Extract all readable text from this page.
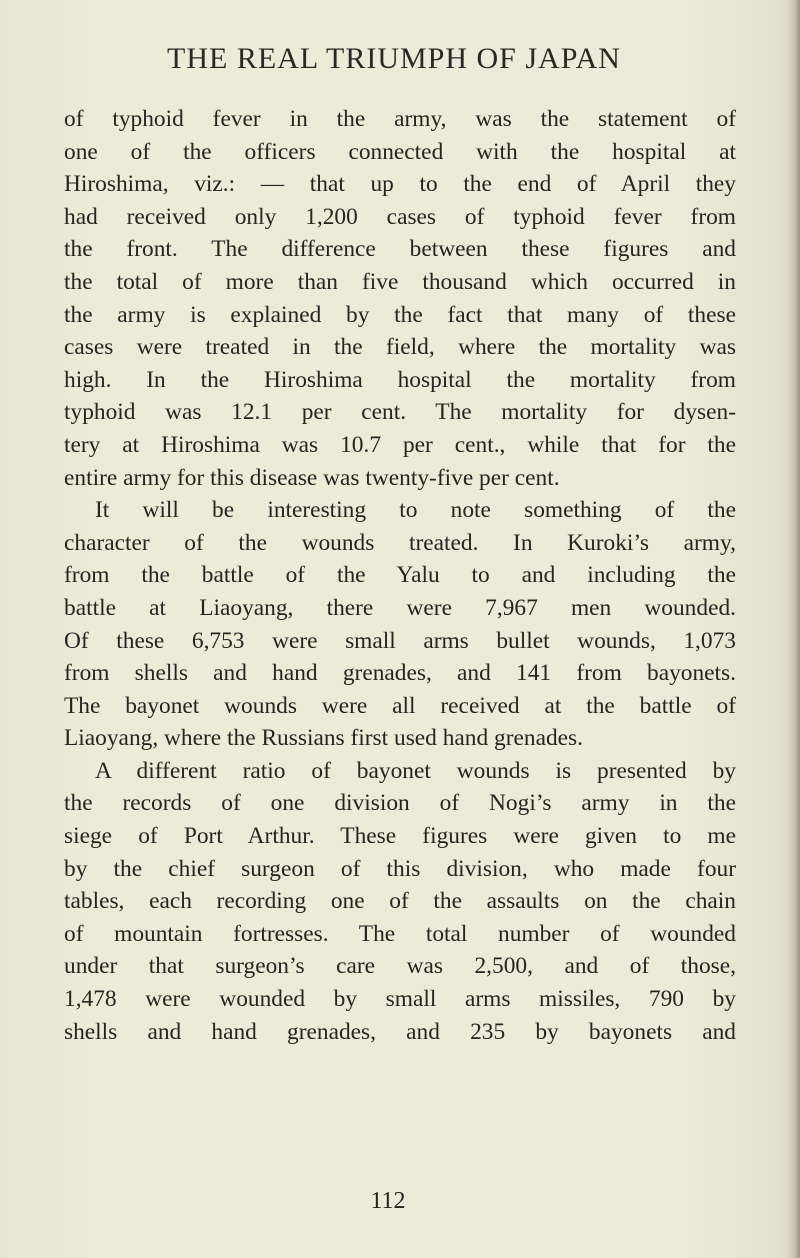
THE REAL TRIUMPH OF JAPAN
of typhoid fever in the army, was the statement of
one of the officers connected with the hospital at
Hiroshima, viz.: — that up to the end of April they
had received only 1,200 cases of typhoid fever from
the front. The difference between these figures and
the total of more than five thousand which occurred in
the army is explained by the fact that many of these
cases were treated in the field, where the mortality was
high. In the Hiroshima hospital the mortality from
typhoid was 12.1 per cent. The mortality for dysen-
tery at Hiroshima was 10.7 per cent., while that for the
entire army for this disease was twenty-five per cent.
It will be interesting to note something of the
character of the wounds treated. In Kuroki’s army,
from the battle of the Yalu to and including the
battle at Liaoyang, there were 7,967 men wounded.
Of these 6,753 were small arms bullet wounds, 1,073
from shells and hand grenades, and 141 from bayonets.
The bayonet wounds were all received at the battle of
Liaoyang, where the Russians first used hand grenades.
A different ratio of bayonet wounds is presented by
the records of one division of Nogi’s army in the
siege of Port Arthur. These figures were given to me
by the chief surgeon of this division, who made four
tables, each recording one of the assaults on the chain
of mountain fortresses. The total number of wounded
under that surgeon’s care was 2,500, and of those,
1,478 were wounded by small arms missiles, 790 by
shells and hand grenades, and 235 by bayonets and
112
